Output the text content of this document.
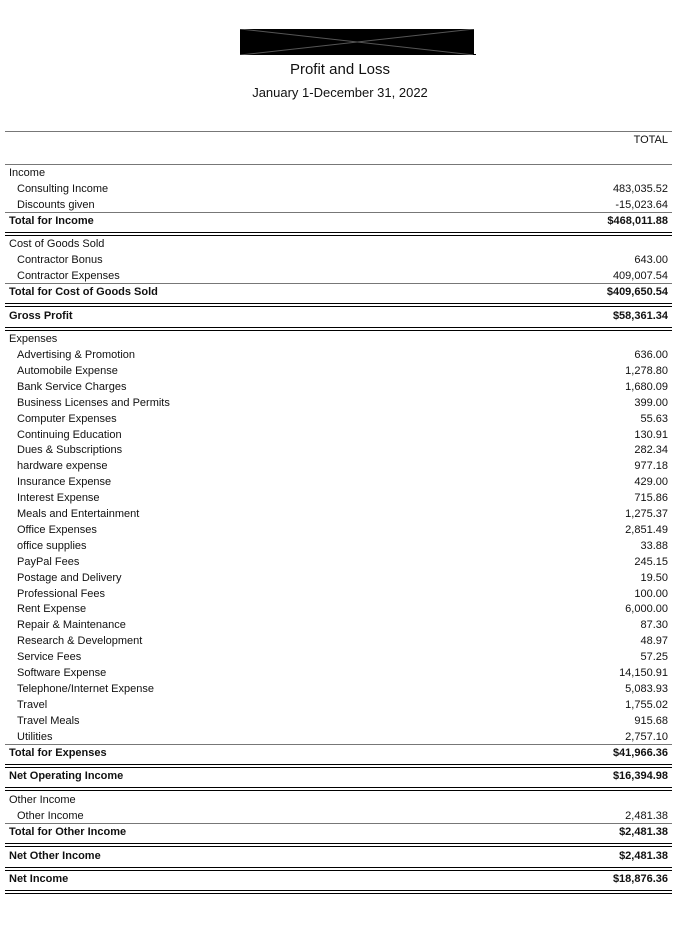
Profit and Loss
January 1-December 31, 2022
TOTAL
Income
Consulting Income	483,035.52
Discounts given	-15,023.64
Total for Income	$468,011.88
Cost of Goods Sold
Contractor Bonus	643.00
Contractor Expenses	409,007.54
Total for Cost of Goods Sold	$409,650.54
Gross Profit	$58,361.34
Expenses
Advertising & Promotion	636.00
Automobile Expense	1,278.80
Bank Service Charges	1,680.09
Business Licenses and Permits	399.00
Computer Expenses	55.63
Continuing Education	130.91
Dues & Subscriptions	282.34
hardware expense	977.18
Insurance Expense	429.00
Interest Expense	715.86
Meals and Entertainment	1,275.37
Office Expenses	2,851.49
office supplies	33.88
PayPal Fees	245.15
Postage and Delivery	19.50
Professional Fees	100.00
Rent Expense	6,000.00
Repair & Maintenance	87.30
Research & Development	48.97
Service Fees	57.25
Software Expense	14,150.91
Telephone/Internet Expense	5,083.93
Travel	1,755.02
Travel Meals	915.68
Utilities	2,757.10
Total for Expenses	$41,966.36
Net Operating Income	$16,394.98
Other Income
Other Income	2,481.38
Total for Other Income	$2,481.38
Net Other Income	$2,481.38
Net Income	$18,876.36
